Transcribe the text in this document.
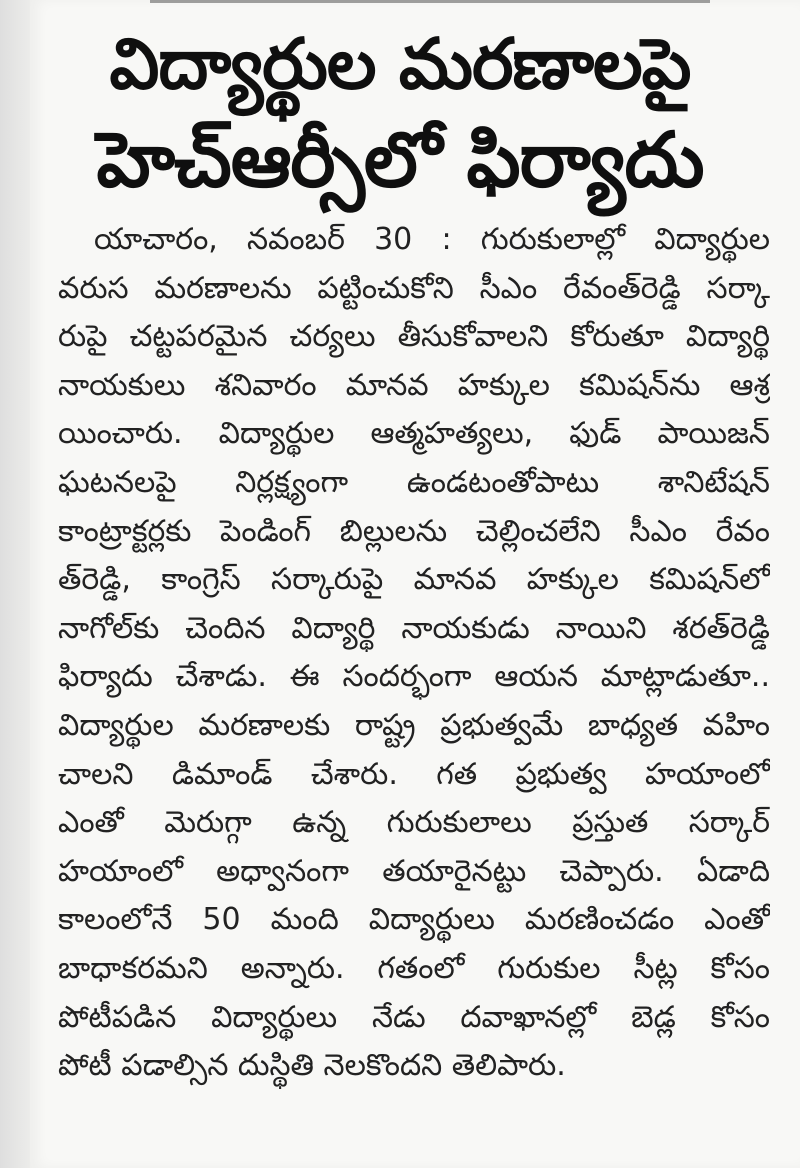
విద్యార్థుల మరణాలపై
హెచ్ఆర్సీలో ఫిర్యాదు
యాచారం, నవంబర్ 30 : గురుకులాల్లో విద్యార్థుల
వరుస మరణాలను పట్టించుకోని సీఎం రేవంత్‌రెడ్డి సర్కా
రుపై చట్టపరమైన చర్యలు తీసుకోవాలని కోరుతూ విద్యార్థి
నాయకులు శనివారం మానవ హక్కుల కమిషన్‌ను ఆశ్ర
యించారు. విద్యార్థుల ఆత్మహత్యలు, ఫుడ్ పాయిజన్
ఘటనలపై నిర్లక్ష్యంగా ఉండటంతోపాటు శానిటేషన్
కాంట్రాక్టర్లకు పెండింగ్ బిల్లులను చెల్లించలేని సీఎం రేవం
త్‌రెడ్డి, కాంగ్రెస్ సర్కారుపై మానవ హక్కుల కమిషన్‌లో
నాగోల్‌కు చెందిన విద్యార్థి నాయకుడు నాయిని శరత్‌రెడ్డి
ఫిర్యాదు చేశాడు. ఈ సందర్భంగా ఆయన మాట్లాడుతూ..
విద్యార్థుల మరణాలకు రాష్ట్ర ప్రభుత్వమే బాధ్యత వహిం
చాలని డిమాండ్ చేశారు. గత ప్రభుత్వ హయాంలో
ఎంతో మెరుగ్గా ఉన్న గురుకులాలు ప్రస్తుత సర్కార్
హయాంలో అధ్వానంగా తయారైనట్టు చెప్పారు. ఏడాది
కాలంలోనే 50 మంది విద్యార్థులు మరణించడం ఎంతో
బాధాకరమని అన్నారు. గతంలో గురుకుల సీట్ల కోసం
పోటీపడిన విద్యార్థులు నేడు దవాఖానల్లో బెడ్ల కోసం
పోటీ పడాల్సిన దుస్థితి నెలకొందని తెలిపారు.
